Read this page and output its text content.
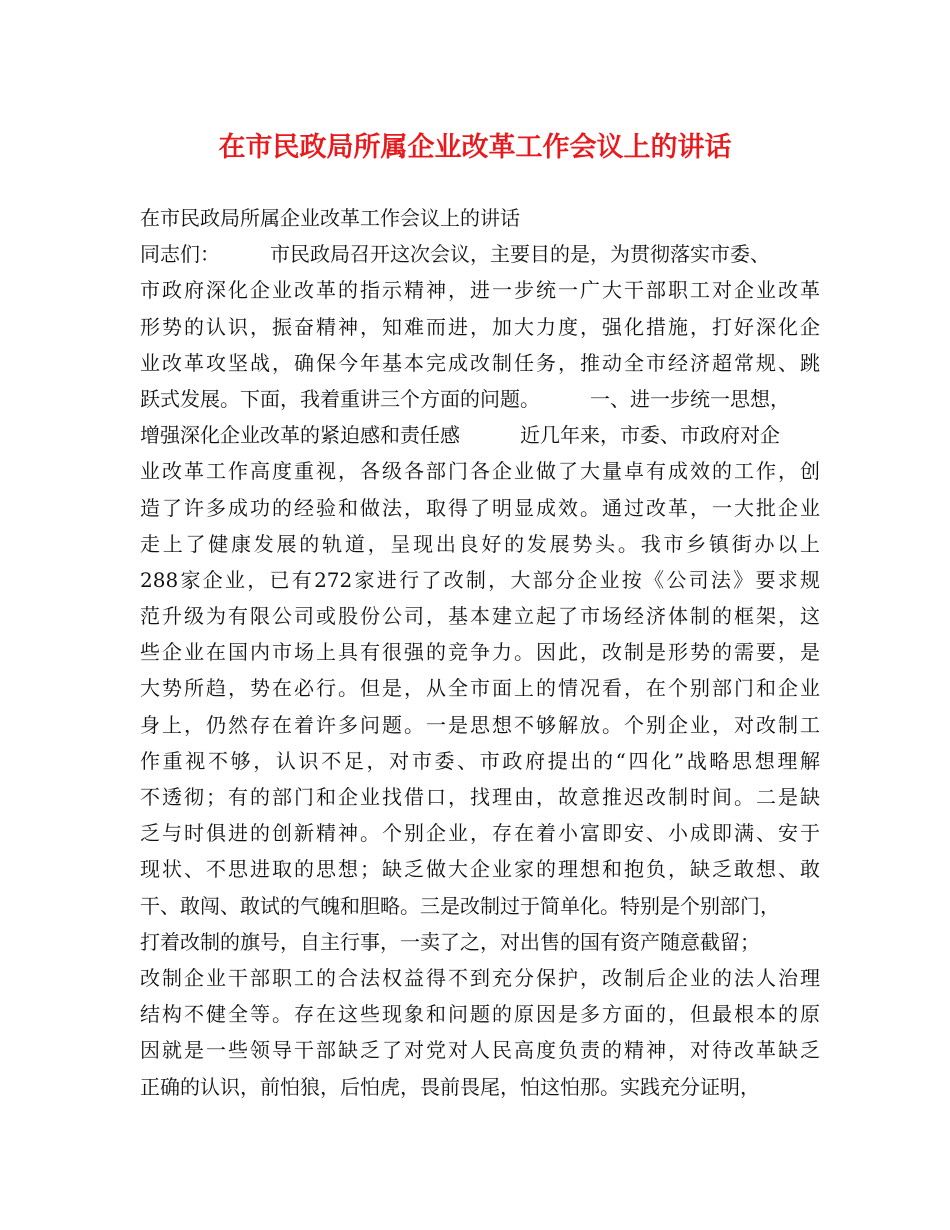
在市民政局所属企业改革工作会议上的讲话
在市民政局所属企业改革工作会议上的讲话
同志们：　　　市民政局召开这次会议，主要目的是，为贯彻落实市委、
市政府深化企业改革的指示精神，进一步统一广大干部职工对企业改革
形势的认识，振奋精神，知难而进，加大力度，强化措施，打好深化企
业改革攻坚战，确保今年基本完成改制任务，推动全市经济超常规、跳
跃式发展。下面，我着重讲三个方面的问题。　　　一、进一步统一思想，
增强深化企业改革的紧迫感和责任感　　　近几年来，市委、市政府对企
业改革工作高度重视，各级各部门各企业做了大量卓有成效的工作，创
造了许多成功的经验和做法，取得了明显成效。通过改革，一大批企业
走上了健康发展的轨道，呈现出良好的发展势头。我市乡镇街办以上
288家企业，已有272家进行了改制，大部分企业按《公司法》要求规
范升级为有限公司或股份公司，基本建立起了市场经济体制的框架，这
些企业在国内市场上具有很强的竞争力。因此，改制是形势的需要，是
大势所趋，势在必行。但是，从全市面上的情况看，在个别部门和企业
身上，仍然存在着许多问题。一是思想不够解放。个别企业，对改制工
作重视不够，认识不足，对市委、市政府提出的“四化”战略思想理解
不透彻；有的部门和企业找借口，找理由，故意推迟改制时间。二是缺
乏与时俱进的创新精神。个别企业，存在着小富即安、小成即满、安于
现状、不思进取的思想；缺乏做大企业家的理想和抱负，缺乏敢想、敢
干、敢闯、敢试的气魄和胆略。三是改制过于简单化。特别是个别部门，
打着改制的旗号，自主行事，一卖了之，对出售的国有资产随意截留；
改制企业干部职工的合法权益得不到充分保护，改制后企业的法人治理
结构不健全等。存在这些现象和问题的原因是多方面的，但最根本的原
因就是一些领导干部缺乏了对党对人民高度负责的精神，对待改革缺乏
正确的认识，前怕狼，后怕虎，畏前畏尾，怕这怕那。实践充分证明，
